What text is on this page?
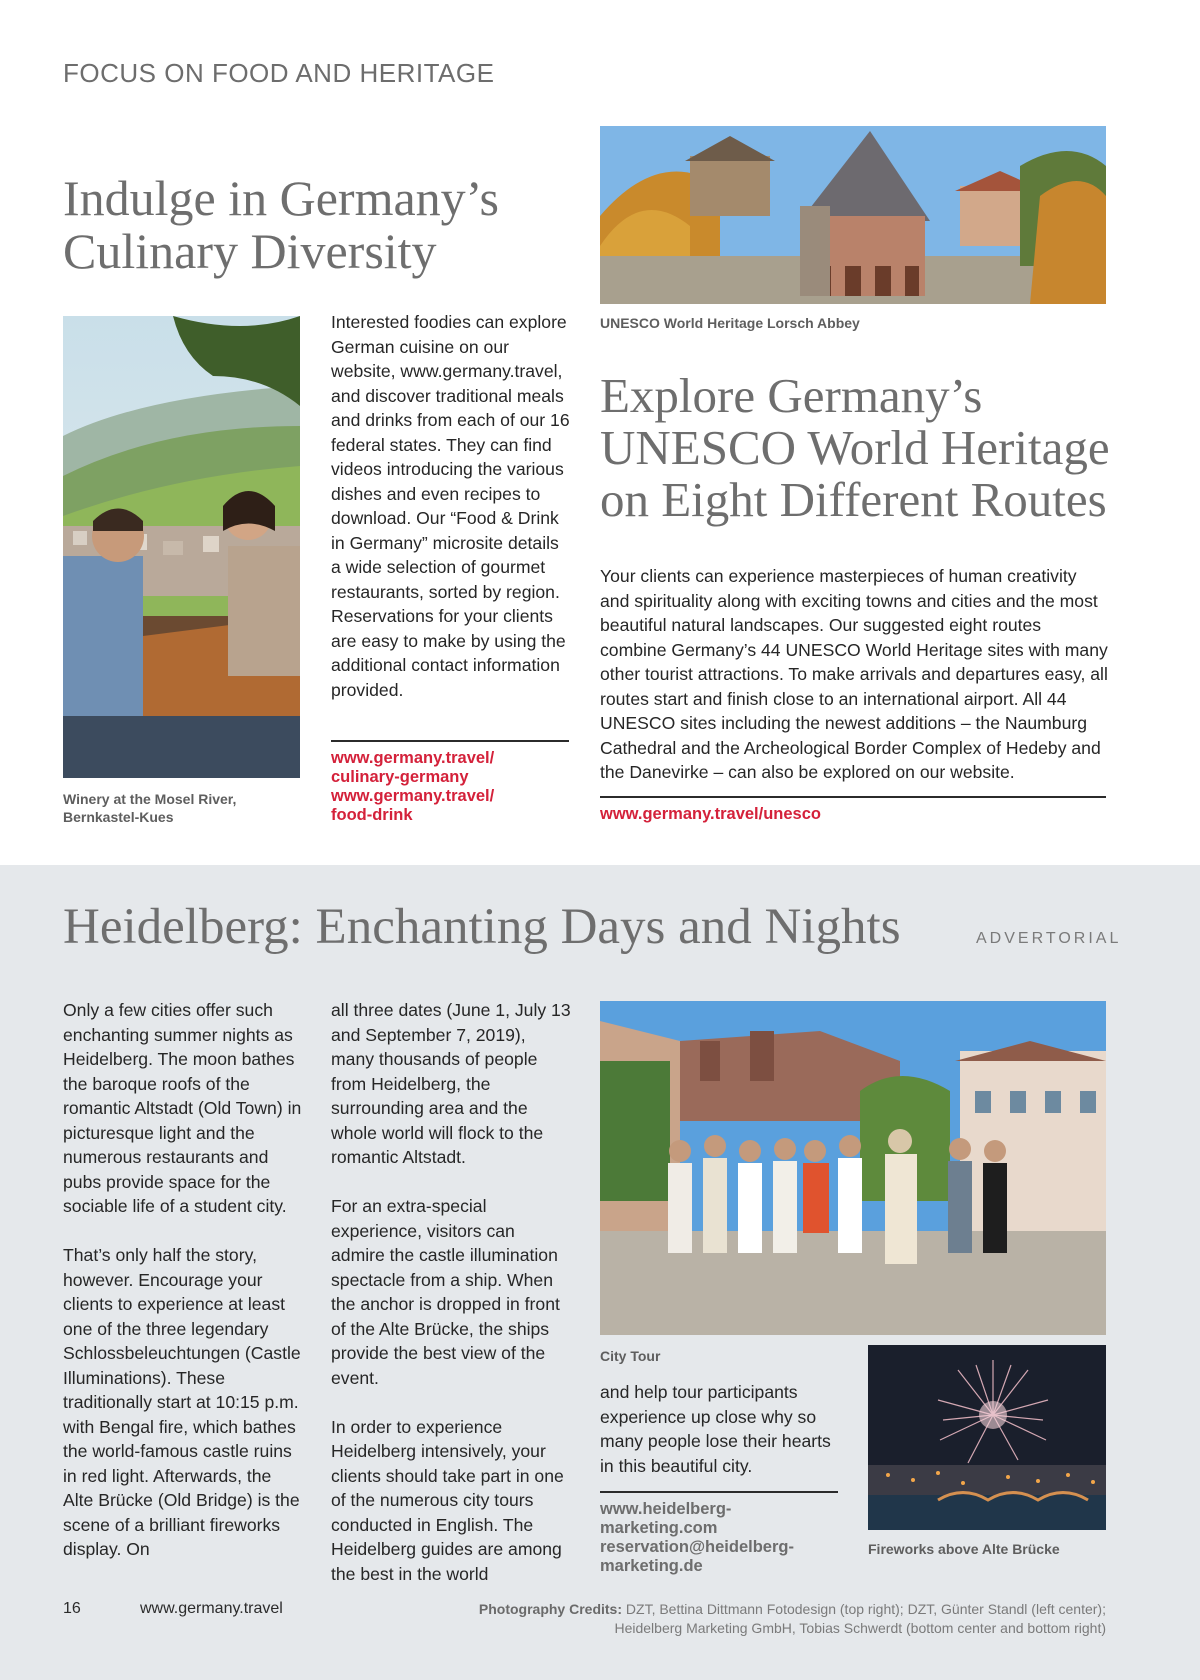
FOCUS ON FOOD AND HERITAGE
Indulge in Germany’s
Culinary Diversity
Winery at the Mosel River,
Bernkastel-Kues
Interested foodies can explore German cuisine on our website, www.germany.travel, and discover traditional meals and drinks from each of our 16 federal states. They can find videos introducing the various dishes and even recipes to download. Our “Food & Drink in Germany” microsite details a wide selection of gourmet restaurants, sorted by region. Reservations for your clients are easy to make by using the additional contact information provided.
www.germany.travel/
culinary-germany
www.germany.travel/
food-drink
UNESCO World Heritage Lorsch Abbey
Explore Germany’s
UNESCO World Heritage
on Eight Different Routes
Your clients can experience masterpieces of human creativity and spirituality along with exciting towns and cities and the most beautiful natural landscapes. Our suggested eight routes combine Germany’s 44 UNESCO World Heritage sites with many other tourist attractions. To make arrivals and departures easy, all routes start and finish close to an international airport. All 44 UNESCO sites including the newest additions – the Naumburg Cathedral and the Archeological Border Complex of Hedeby and the Danevirke – can also be explored on our website.
www.germany.travel/unesco
Heidelberg: Enchanting Days and Nights	ADVERTORIAL

Only a few cities offer such enchanting summer nights as Heidelberg. The moon bathes the baroque roofs of the romantic Altstadt (Old Town) in picturesque light and the numerous restaurants and pubs provide space for the sociable life of a student city.

That’s only half the story, however. Encourage your clients to experience at least one of the three legendary Schlossbeleuchtungen (Castle Illuminations). These traditionally start at 10:15 p.m. with Bengal fire, which bathes the world-famous castle ruins in red light. Afterwards, the Alte Brücke (Old Bridge) is the scene of a brilliant fireworks display. On

all three dates (June 1, July 13 and September 7, 2019), many thousands of people from Heidelberg, the surrounding area and the whole world will flock to the romantic Altstadt.

For an extra-special experience, visitors can admire the castle illumination spectacle from a ship. When the anchor is dropped in front of the Alte Brücke, the ships provide the best view of the event.

In order to experience Heidelberg intensively, your clients should take part in one of the numerous city tours conducted in English. The Heidelberg guides are among the best in the world

City Tour
and help tour participants experience up close why so many people lose their hearts in this beautiful city.
www.heidelberg-marketing.com
reservation@heidelberg-
marketing.de
Fireworks above Alte Brücke
16	www.germany.travel	Photography Credits: DZT, Bettina Dittmann Fotodesign (top right); DZT, Günter Standl (left center); Heidelberg Marketing GmbH, Tobias Schwerdt (bottom center and bottom right)
